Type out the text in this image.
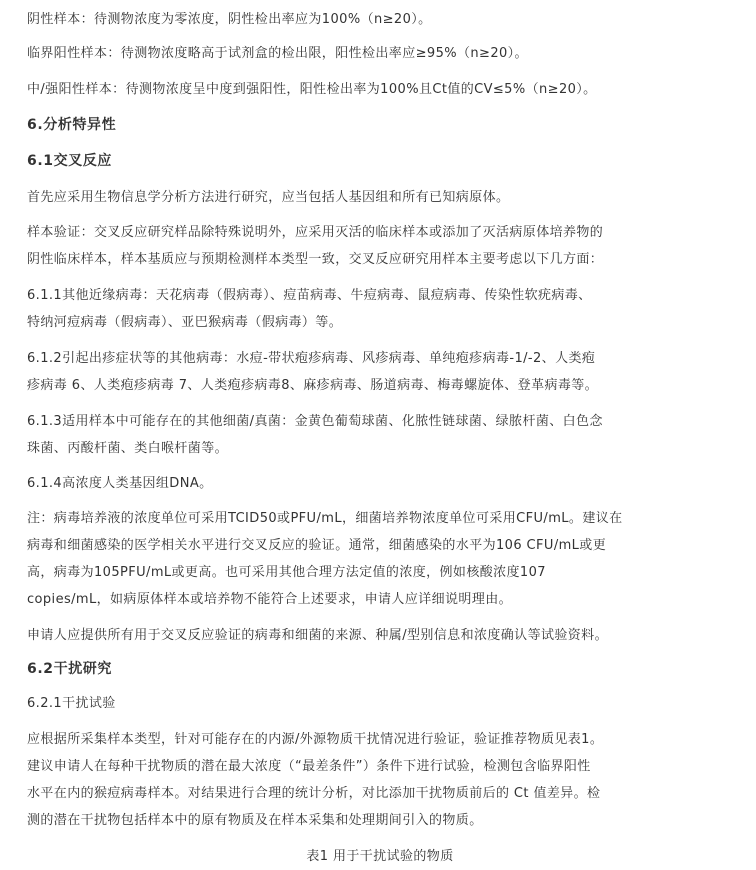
阴性样本：待测物浓度为零浓度，阴性检出率应为100%（n≥20）。

临界阳性样本：待测物浓度略高于试剂盒的检出限，阳性检出率应≥95%（n≥20）。

中/强阳性样本：待测物浓度呈中度到强阳性，阳性检出率为100%且Ct值的CV≤5%（n≥20）。

6.分析特异性

6.1交叉反应

首先应采用生物信息学分析方法进行研究，应当包括人基因组和所有已知病原体。

样本验证：交叉反应研究样品除特殊说明外，应采用灭活的临床样本或添加了灭活病原体培养物的
阴性临床样本，样本基质应与预期检测样本类型一致，交叉反应研究用样本主要考虑以下几方面：
6.1.1其他近缘病毒：天花病毒（假病毒）、痘苗病毒、牛痘病毒、鼠痘病毒、传染性软疣病毒、
特纳河痘病毒（假病毒）、亚巴猴病毒（假病毒）等。
6.1.2引起出疹症状等的其他病毒：水痘-带状疱疹病毒、风疹病毒、单纯疱疹病毒-1/-2、人类疱
疹病毒 6、人类疱疹病毒 7、人类疱疹病毒8、麻疹病毒、肠道病毒、梅毒螺旋体、登革病毒等。
6.1.3适用样本中可能存在的其他细菌/真菌：金黄色葡萄球菌、化脓性链球菌、绿脓杆菌、白色念
珠菌、丙酸杆菌、类白喉杆菌等。

6.1.4高浓度人类基因组DNA。

注：病毒培养液的浓度单位可采用TCID50或PFU/mL，细菌培养物浓度单位可采用CFU/mL。建议在
病毒和细菌感染的医学相关水平进行交叉反应的验证。通常，细菌感染的水平为106 CFU/mL或更
高，病毒为105PFU/mL或更高。也可采用其他合理方法定值的浓度，例如核酸浓度107
copies/mL，如病原体样本或培养物不能符合上述要求，申请人应详细说明理由。

申请人应提供所有用于交叉反应验证的病毒和细菌的来源、种属/型别信息和浓度确认等试验资料。

6.2干扰研究

6.2.1干扰试验

应根据所采集样本类型，针对可能存在的内源/外源物质干扰情况进行验证，验证推荐物质见表1。
建议申请人在每种干扰物质的潜在最大浓度（“最差条件”）条件下进行试验，检测包含临界阳性
水平在内的猴痘病毒样本。对结果进行合理的统计分析，对比添加干扰物质前后的 Ct 值差异。检
测的潜在干扰物包括样本中的原有物质及在样本采集和处理期间引入的物质。
表1 用于干扰试验的物质
